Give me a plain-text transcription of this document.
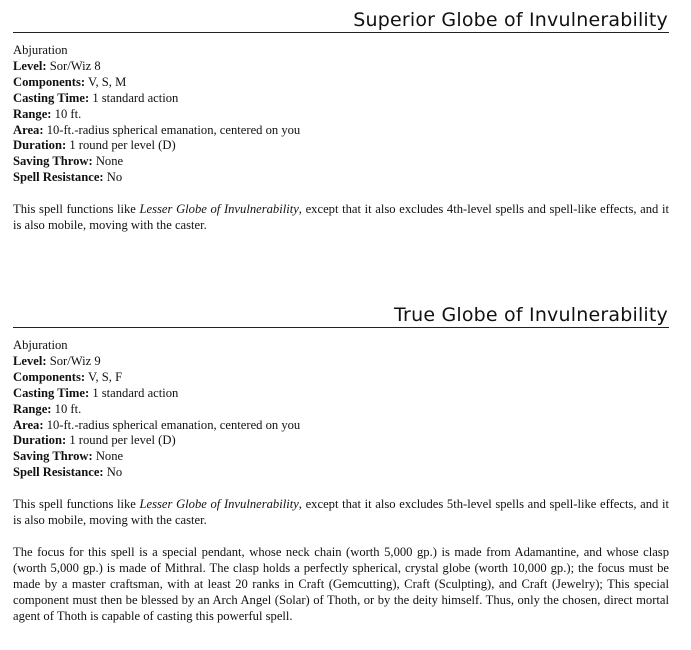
Superior Globe of Invulnerability
Abjuration
Level: Sor/Wiz 8
Components: V, S, M
Casting Time: 1 standard action
Range: 10 ft.
Area: 10-ft.-radius spherical emanation, centered on you
Duration: 1 round per level (D)
Saving Throw: None
Spell Resistance: No

This spell functions like Lesser Globe of Invulnerability, except that it also excludes 4th-level spells and spell-like effects, and it is also mobile, moving with the caster.

True Globe of Invulnerability
Abjuration
Level: Sor/Wiz 9
Components: V, S, F
Casting Time: 1 standard action
Range: 10 ft.
Area: 10-ft.-radius spherical emanation, centered on you
Duration: 1 round per level (D)
Saving Throw: None
Spell Resistance: No

This spell functions like Lesser Globe of Invulnerability, except that it also excludes 5th-level spells and spell-like effects, and it is also mobile, moving with the caster.

The focus for this spell is a special pendant, whose neck chain (worth 5,000 gp.) is made from Adamantine, and whose clasp (worth 5,000 gp.) is made of Mithral. The clasp holds a perfectly spherical, crystal globe (worth 10,000 gp.); the focus must be made by a master craftsman, with at least 20 ranks in Craft (Gemcutting), Craft (Sculpting), and Craft (Jewelry); This special component must then be blessed by an Arch Angel (Solar) of Thoth, or by the deity himself. Thus, only the chosen, direct mortal agent of Thoth is capable of casting this powerful spell.
